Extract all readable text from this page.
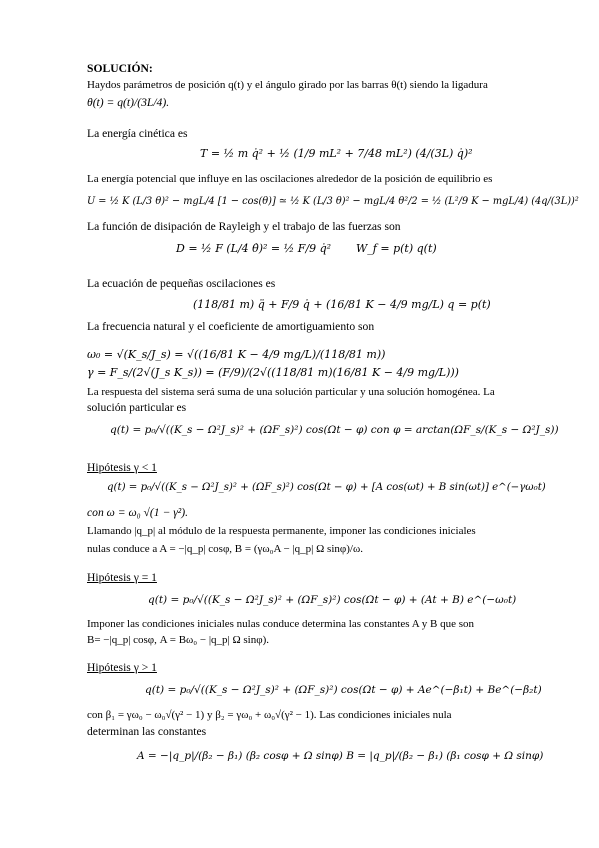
SOLUCIÓN:
Haydos parámetros de posición q(t) y el ángulo girado por las barras θ(t) siendo la ligadura
θ(t) = q(t)/(3L/4).
La energía cinética es
T = ½ m q̇² + ½ (1/9 mL² + 7/48 mL²) (4/(3L) q̇)²
La energía potencial que influye en las oscilaciones alrededor de la posición de equilibrio es
U = ½ K (L/3 θ)² − mgL/4 [1 − cos(θ)] ≃ ½ K (L/3 θ)² − mgL/4 θ²/2 = ½ (L²/9 K − mgL/4) (4q/(3L))²
La función de disipación de Rayleigh y el trabajo de las fuerzas son
D = ½ F (L/4 θ̇)² = ½ F/9 q̇² W_f = p(t) q(t)
La ecuación de pequeñas oscilaciones es
(118/81 m) q̈ + F/9 q̇ + (16/81 K − 4/9 mg/L) q = p(t)
La frecuencia natural y el coeficiente de amortiguamiento son
ω₀ = √(K_s/J_s) = √((16/81 K − 4/9 mg/L)/(118/81 m))
γ = F_s/(2√(J_s K_s)) = (F/9)/(2√((118/81 m)(16/81 K − 4/9 mg/L)))
La respuesta del sistema será suma de una solución particular y una solución homogénea. La
solución particular es
q(t) = p₀/√((K_s − Ω²J_s)² + (ΩF_s)²) cos(Ωt − φ) con φ = arctan(ΩF_s/(K_s − Ω²J_s))
Hipótesis γ < 1
q(t) = p₀/√((K_s − Ω²J_s)² + (ΩF_s)²) cos(Ωt − φ) + [A cos(ωt) + B sin(ωt)] e^(−γω₀t)
con ω = ω₀ √(1 − γ²).
Llamando |q_p| al módulo de la respuesta permanente, imponer las condiciones iniciales
nulas conduce a A = −|q_p| cosφ, B = (γω₀A − |q_p| Ω sinφ)/ω.
Hipótesis γ = 1
q(t) = p₀/√((K_s − Ω²J_s)² + (ΩF_s)²) cos(Ωt − φ) + (At + B) e^(−ω₀t)
Imponer las condiciones iniciales nulas conduce determina las constantes A y B que son
B= −|q_p| cosφ, A = Bω₀ − |q_p| Ω sinφ).
Hipótesis γ > 1
q(t) = p₀/√((K_s − Ω²J_s)² + (ΩF_s)²) cos(Ωt − φ) + Ae^(−β₁t) + Be^(−β₂t)
con β₁ = γω₀ − ω₀√(γ² − 1) y β₂ = γω₀ + ω₀√(γ² − 1). Las condiciones iniciales nula
determinan las constantes
A = −|q_p|/(β₂ − β₁) (β₂ cosφ + Ω sinφ) B = |q_p|/(β₂ − β₁) (β₁ cosφ + Ω sinφ)
